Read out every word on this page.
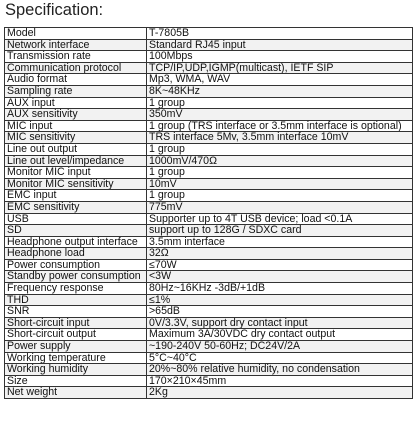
Specification:
Model	T-7805B
Network interface	Standard RJ45 input
Transmission rate	100Mbps
Communication protocol	TCP/IP,UDP,IGMP(multicast), IETF SIP
Audio format	Mp3, WMA, WAV
Sampling rate	8K~48KHz
AUX input	1 group
AUX sensitivity	350mV
MIC input	1 group (TRS interface or 3.5mm interface is optional)
MIC sensitivity	TRS interface 5Mv, 3.5mm interface 10mV
Line out output	1 group
Line out level/impedance	1000mV/470Ω
Monitor MIC input	1 group
Monitor MIC sensitivity	10mV
EMC input	1 group
EMC sensitivity	775mV
USB	Supporter up to 4T USB device; load <0.1A
SD	support up to 128G / SDXC card
Headphone output interface	3.5mm interface
Headphone load	32Ω
Power consumption	≤70W
Standby power consumption	<3W
Frequency response	80Hz~16KHz -3dB/+1dB
THD	≤1%
SNR	>65dB
Short-circuit input	0V/3.3V, support dry contact input
Short-circuit output	Maximum 3A/30VDC dry contact output
Power supply	~190-240V 50-60Hz; DC24V/2A
Working temperature	5°C~40°C
Working humidity	20%~80% relative humidity, no condensation
Size	170×210×45mm
Net weight	2Kg
